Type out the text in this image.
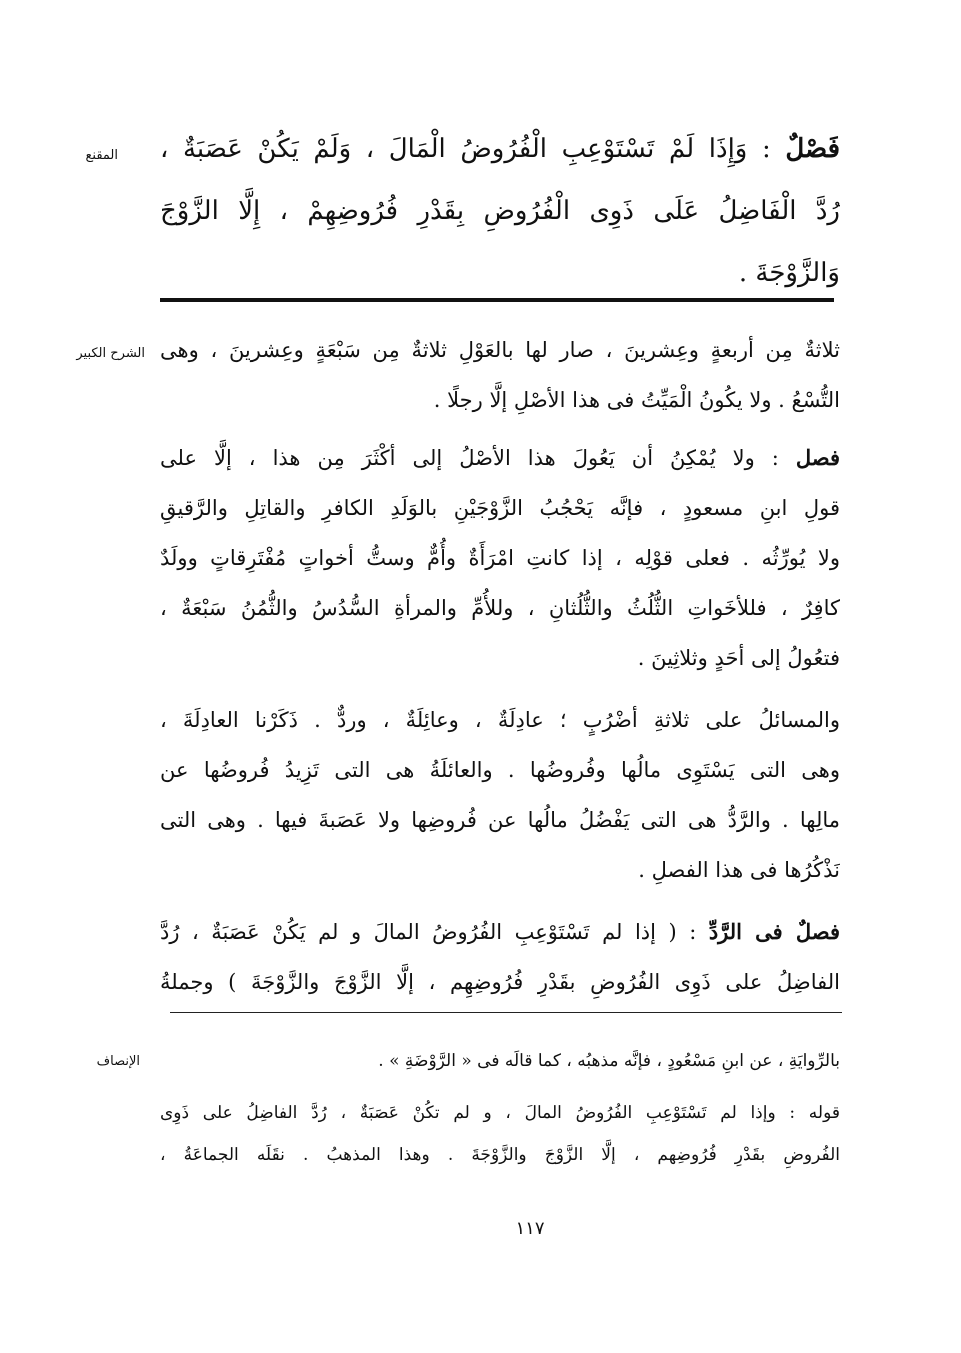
المقنع
الشرح الكبير
الإنصاف
فَصْلٌ : وَإِذَا لَمْ تَسْتَوْعِبِ الْفُرُوضُ الْمَالَ ، وَلَمْ يَكُنْ عَصَبَةٌ ،
رُدَّ الْفَاضِلُ عَلَى ذَوِى الْفُرُوضِ بِقَدْرِ فُرُوضِهِمْ ، إِلَّا الزَّوْجَ
وَالزَّوْجَةَ .
ثلاثةٌ مِن أربعةٍ وعِشرينَ ، صار لها بالعَوْلِ ثلاثةٌ مِن سَبْعَةٍ وعِشرينَ ، وهى
التُّسْعُ . ولا يكُونُ الْمَيِّتُ فى هذا الأصْلِ إلَّا رجلًا .
فصل : ولا يُمْكِنُ أن يَعُولَ هذا الأصْلُ إلى أكْثَرَ مِن هذا ، إلَّا على
قولِ ابنِ مسعودٍ ، فإنَّه يَحْجُبُ الزَّوْجَيْنِ بالوَلَدِ الكافرِ والقاتِلِ والرَّقيقِ
ولا يُورِّثُه . فعلى قوْلِه ، إذا كانتِ امْرَأَةٌ وأُمٌّ وستُّ أخواتٍ مُفْتَرِقاتٍ وولَدٌ
كافِرٌ ، فللأخَواتِ الثُّلُثُ والثُّلُثانِ ، وللأُمِّ والمرأةِ السُّدُسُ والثُّمُنُ سَبْعَةٌ ،
فتعُولُ إلى أحَدٍ وثلاثِينَ .
والمسائلُ على ثلاثةِ أضْرُبٍ ؛ عادِلَةٌ ، وعائِلَةٌ ، وردٌّ . ذَكَرْنا العادِلَةَ ،
وهى التى يَسْتَوِى مالُها وفُروضُها . والعائلَةُ هى التى تَزِيدُ فُروضُها عن
مالِها . والرَّدُّ هى التى يَفْضُلُ مالُها عن فُروضِها ولا عَصَبةَ فيها . وهى التى
نَذْكُرُها فى هذا الفصلِ .
فصلٌ فى الرَّدِّ : ( إذا لم تَسْتَوْعِبِ الفُرُوضُ المالَ و لم يَكُنْ عَصَبَةٌ ، رُدَّ
الفاضِلُ على ذَوِى الفُرُوضِ بقَدْرِ فُرُوضِهِم ، إلَّا الزَّوْجَ والزَّوْجَةَ ) وجملةُ
بالرِّوايَةِ ، عن ابنِ مَسْعُودٍ ، فإنَّه مذهبُه ، كما قالَه فى « الرَّوْضَةِ » .
قوله : وإذا لم تَسْتَوْعِبِ الفُرُوضُ المالَ ، و لم تكُنْ عَصَبَةٌ ، رُدَّ الفاضِلُ على ذَوِى
الفُروضِ بقَدْرِ فُرُوضِهم ، إلَّا الزَّوْجَ والزَّوْجَةَ . وهذا المذهبُ . نقَلَه الجماعَةُ ،
١١٧
